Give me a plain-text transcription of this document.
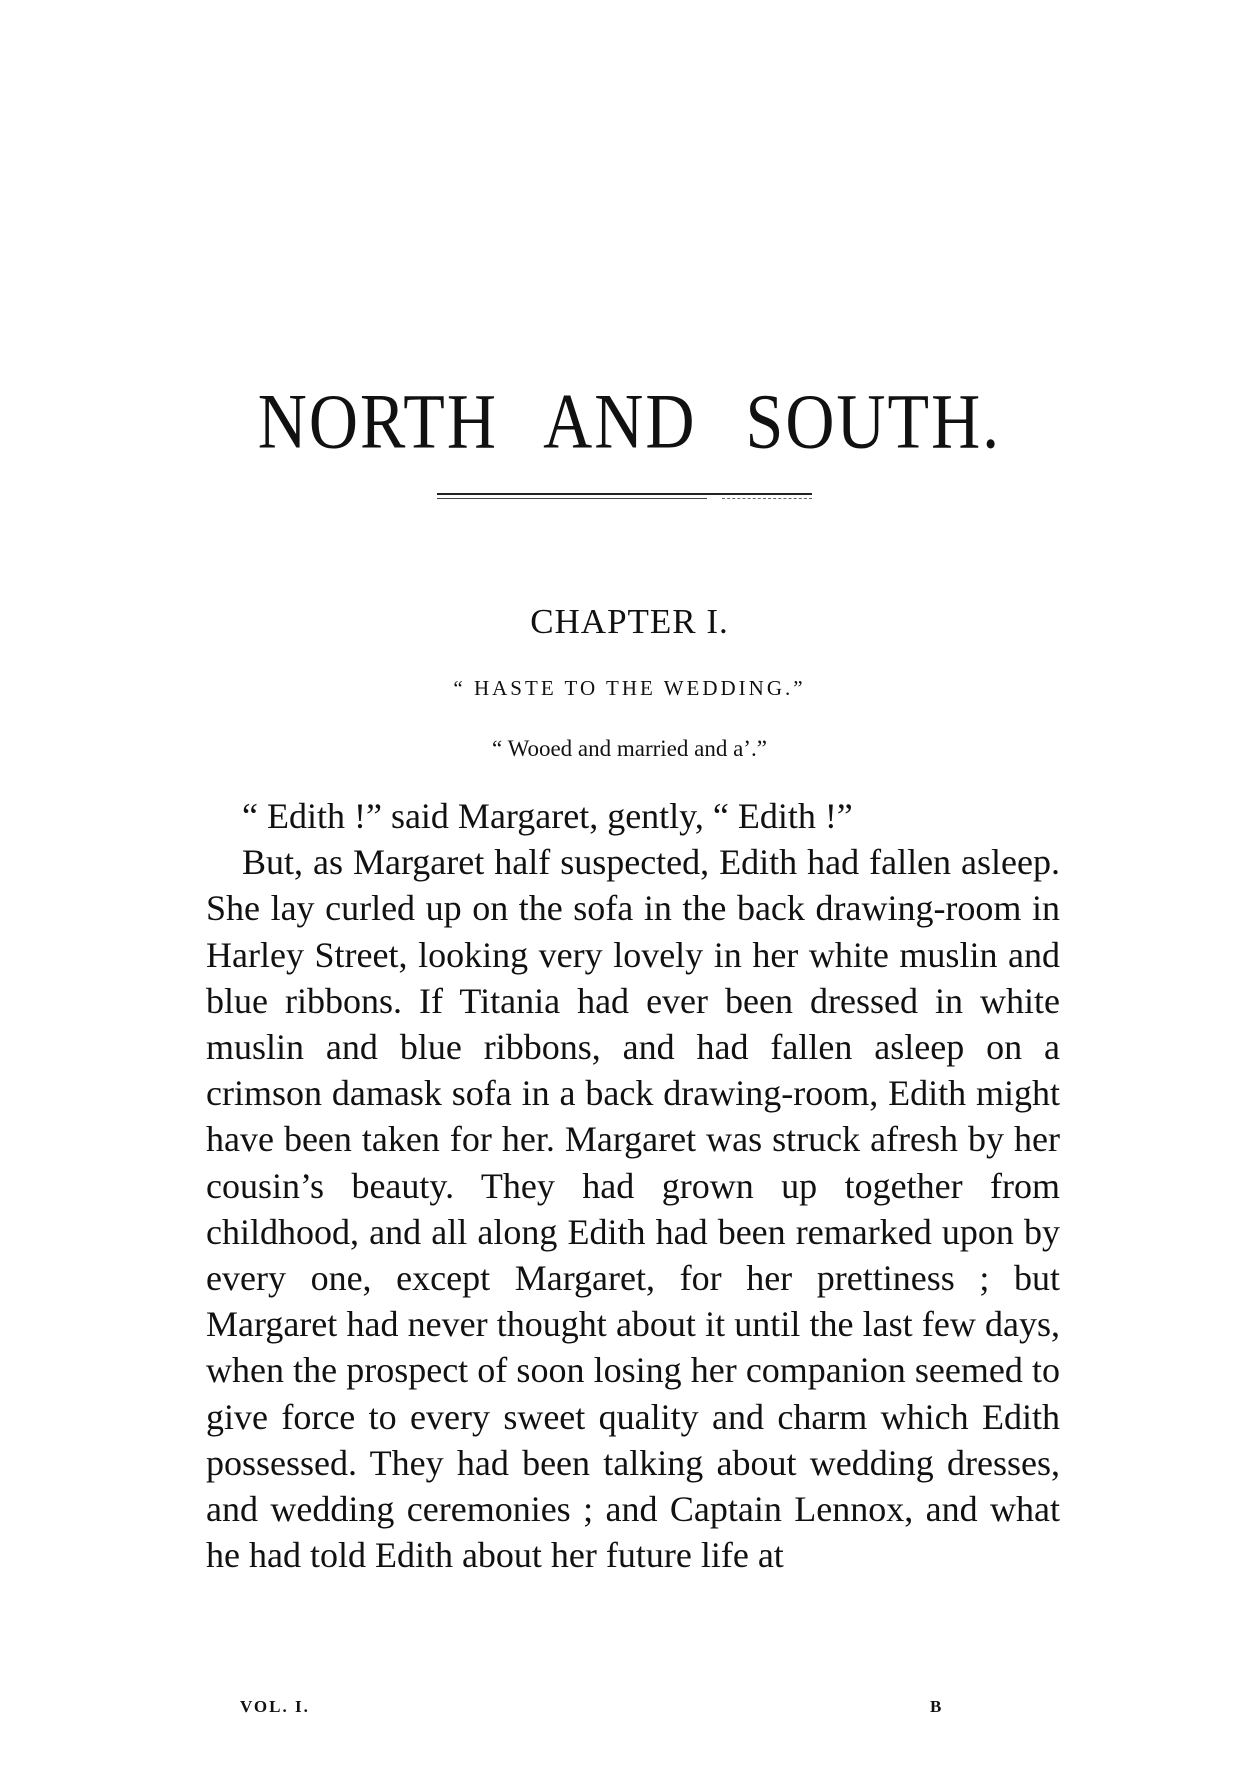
NORTH AND SOUTH.
CHAPTER I.
“ HASTE TO THE WEDDING.”
“ Wooed and married and a’.”

“ Edith !” said Margaret, gently, “ Edith !”

But, as Margaret half suspected, Edith had fallen asleep. She lay curled up on the sofa in the back drawing-room in Harley Street, looking very lovely in her white muslin and blue ribbons. If Titania had ever been dressed in white muslin and blue ribbons, and had fallen asleep on a crimson damask sofa in a back drawing-room, Edith might have been taken for her. Margaret was struck afresh by her cousin’s beauty. They had grown up together from childhood, and all along Edith had been remarked upon by every one, except Margaret, for her prettiness ; but Margaret had never thought about it until the last few days, when the prospect of soon losing her companion seemed to give force to every sweet quality and charm which Edith possessed. They had been talking about wedding dresses, and wedding ceremonies ; and Captain Lennox, and what he had told Edith about her future life at

VOL. I.	B
